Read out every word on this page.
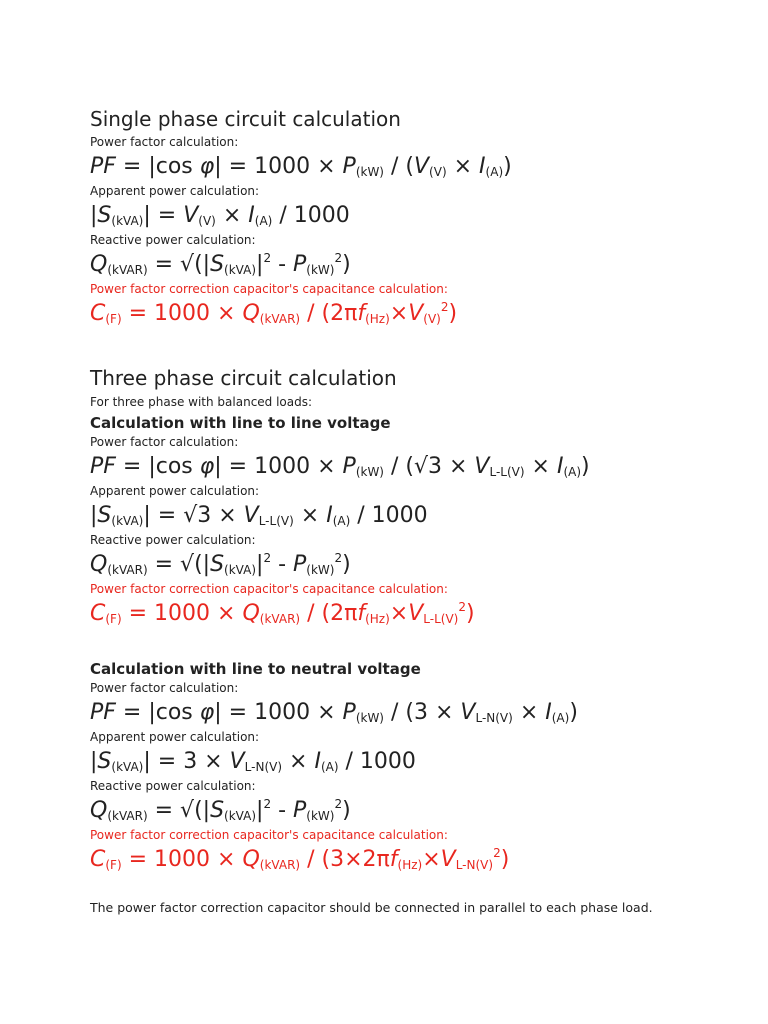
Single phase circuit calculation
Power factor calculation:
PF = |cos $\varphi| = 1000 \times P_{(kW)} / (V_{(V)} \times I_{(A)})$
Apparent power calculation:
$|S_{(kVA)}| = V_{(V)} \times I_{(A)} / 1000$
Reactive power calculation:
$Q_{(kVAR)} = √(|S_{(kVA)}|^2 - P_{(kW)}^2)$
Power factor correction capacitor's capacitance calculation:
$C_{(F)} = 1000 \times Q_{(kVAR)} / (2\pi f_{(Hz)}\times V_{(V)}^2)$
Three phase circuit calculation
For three phase with balanced loads:
Calculation with line to line voltage
Power factor calculation:
PF = |cos $\varphi| = 1000 \times P_{(kW)} / (√3 \times V_{L-L(V)} \times I_{(A)})$
Apparent power calculation:
$|S_{(kVA)}| = √3 \times V_{L-L(V)} \times I_{(A)} / 1000$
Reactive power calculation:
$Q_{(kVAR)} = √(|S_{(kVA)}|^2 - P_{(kW)}^2)$
Power factor correction capacitor's capacitance calculation:
$C_{(F)} = 1000 \times Q_{(kVAR)} / (2\pi f_{(Hz)}\times V_{L-L(V)}^2)$
Calculation with line to neutral voltage
Power factor calculation:
PF = |cos $\varphi| = 1000 \times P_{(kW)} / (3 \times V_{L-N(V)} \times I_{(A)})$
Apparent power calculation:
$|S_{(kVA)}| = 3 \times V_{L-N(V)} \times I_{(A)} / 1000$
Reactive power calculation:
$Q_{(kVAR)} = √(|S_{(kVA)}|^2 - P_{(kW)}^2)$
Power factor correction capacitor's capacitance calculation:
$C_{(F)} = 1000 \times Q_{(kVAR)} / (3\times 2\pi f_{(Hz)}\times V_{L-N(V)}^2)$
The power factor correction capacitor should be connected in parallel to each phase load.
